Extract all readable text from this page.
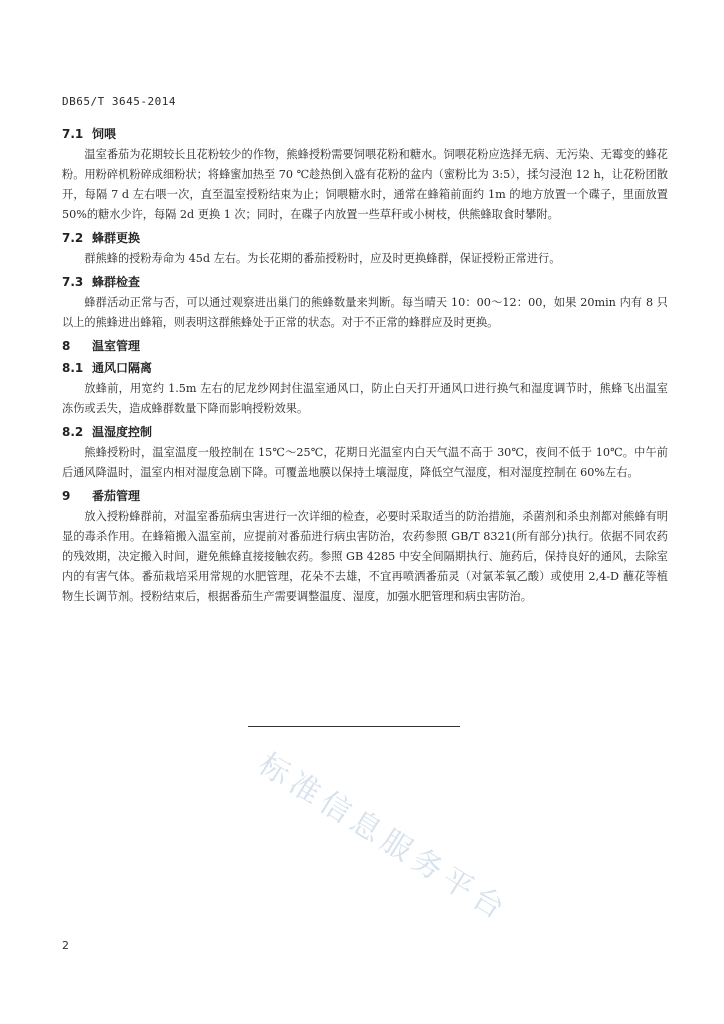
DB65/T 3645-2014
7.1 饲喂

温室番茄为花期较长且花粉较少的作物，熊蜂授粉需要饲喂花粉和糖水。饲喂花粉应选择无病、无污染、无霉变的蜂花粉。用粉碎机粉碎成细粉状；将蜂蜜加热至 70 ℃趁热倒入盛有花粉的盆内（蜜粉比为 3:5），揉匀浸泡 12 h，让花粉团散开，每隔 7 d 左右喂一次，直至温室授粉结束为止；饲喂糖水时，通常在蜂箱前面约 1m 的地方放置一个碟子，里面放置 50%的糖水少许，每隔 2d 更换 1 次；同时，在碟子内放置一些草秆或小树枝，供熊蜂取食时攀附。

7.2 蜂群更换

群熊蜂的授粉寿命为 45d 左右。为长花期的番茄授粉时，应及时更换蜂群，保证授粉正常进行。

7.3 蜂群检查

蜂群活动正常与否，可以通过观察进出巢门的熊蜂数量来判断。每当晴天 10：00～12：00，如果 20min 内有 8 只以上的熊蜂进出蜂箱，则表明这群熊蜂处于正常的状态。对于不正常的蜂群应及时更换。

8 温室管理
8.1 通风口隔离

放蜂前，用宽约 1.5m 左右的尼龙纱网封住温室通风口，防止白天打开通风口进行换气和湿度调节时，熊蜂飞出温室冻伤或丢失，造成蜂群数量下降而影响授粉效果。

8.2 温湿度控制

熊蜂授粉时，温室温度一般控制在 15℃～25℃，花期日光温室内白天气温不高于 30℃，夜间不低于 10℃。中午前后通风降温时，温室内相对湿度急剧下降。可覆盖地膜以保持土壤湿度，降低空气湿度，相对湿度控制在 60%左右。

9 番茄管理

放入授粉蜂群前，对温室番茄病虫害进行一次详细的检查，必要时采取适当的防治措施，杀菌剂和杀虫剂都对熊蜂有明显的毒杀作用。在蜂箱搬入温室前，应提前对番茄进行病虫害防治，农药参照 GB/T 8321(所有部分)执行。依据不同农药的残效期，决定搬入时间，避免熊蜂直接接触农药。参照 GB 4285 中安全间隔期执行、施药后，保持良好的通风，去除室内的有害气体。番茄栽培采用常规的水肥管理，花朵不去雄，不宜再喷洒番茄灵（对氯苯氧乙酸）或使用 2,4-D 蘸花等植物生长调节剂。授粉结束后，根据番茄生产需要调整温度、湿度，加强水肥管理和病虫害防治。

2
标准信息服务平台
